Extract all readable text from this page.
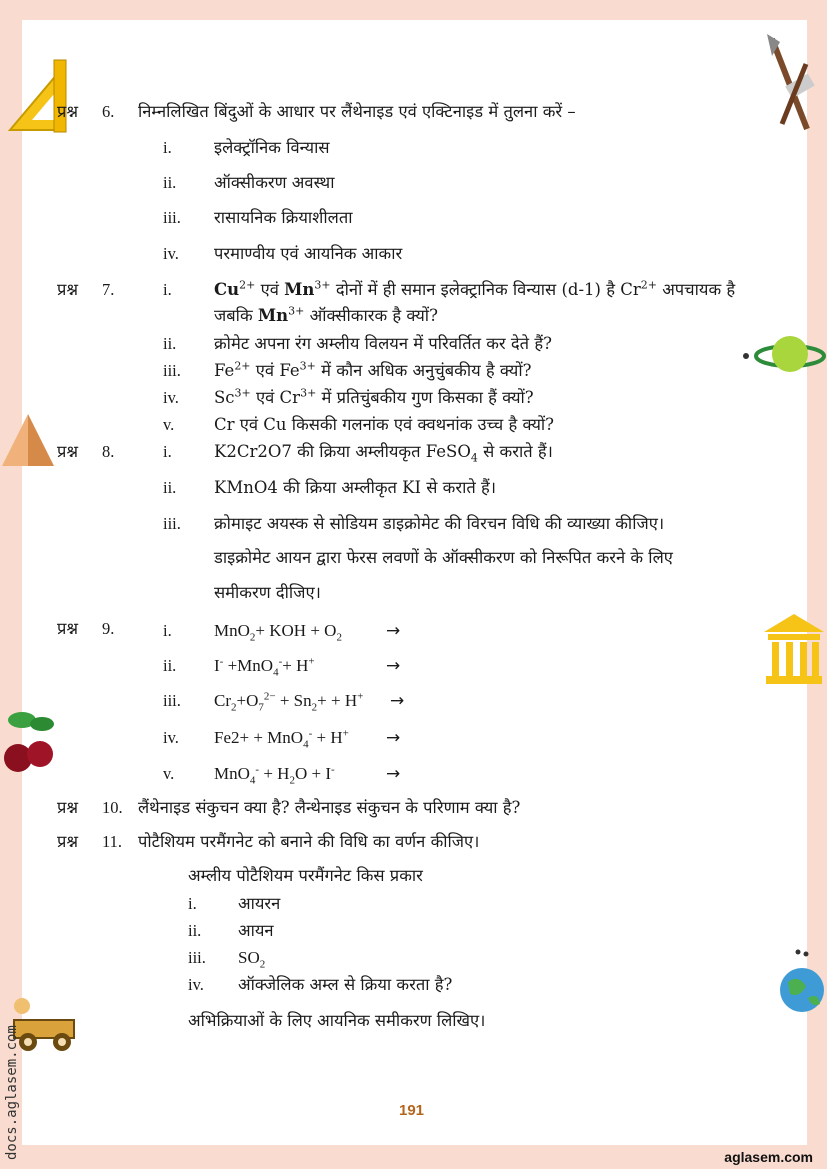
प्रश्न 6. निम्नलिखित बिंदुओं के आधार पर लैंथेनाइड एवं एक्टिनाइड में तुलना करें –
i.	इलेक्ट्रॉनिक विन्यास
ii. ऑक्सीकरण अवस्था
iii. रासायनिक क्रियाशीलता
iv. परमाण्वीय एवं आयनिक आकार
प्रश्न 7.	i.	$Cu^{2+}$ एवं $Mn^{3+}$ दोनों में ही समान इलेक्ट्रानिक विन्यास (d-1) है $Cr^{2+}$ अपचायक है
जबकि $Mn^{3+}$ ऑक्सीकारक है क्यों?
ii. क्रोमेट अपना रंग अम्लीय विलयन में परिवर्तित कर देते हैं?
iii. $Fe^{2+}$ एवं $Fe^{3+}$ में कौन अधिक अनुचुंबकीय है क्यों?
iv. $Sc^{3+}$ एवं $Cr^{3+}$ में प्रतिचुंबकीय गुण किसका हैं क्यों?
v. Cr एवं Cu किसकी गलनांक एवं क्वथनांक उच्च है क्यों?
प्रश्न 8.	i.	K2Cr2O7 की क्रिया अम्लीयकृत FeSO$_4$ से कराते हैं।
ii. KMnO4 की क्रिया अम्लीकृत KI से कराते हैं।
iii. क्रोमाइट अयस्क से सोडियम डाइक्रोमेट की विरचन विधि की व्याख्या कीजिए।
डाइक्रोमेट आयन द्वारा फेरस लवणों के ऑक्सीकरण को निरूपित करने के लिए
समीकरण दीजिए।
प्रश्न 9.	i. MnO$_2$+ KOH + $O_2$	→
ii. I- +MnO$_4$-+ H+	→
iii. $Cr_2+O_7^{2-} + Sn_2+ + H^+$ →
iv. Fe2+ + MnO$_4$- + H+ →
v. $MnO_4^- + H_2O + I^-$	→
प्रश्न 10. लैंथेनाइड संकुचन क्या है? लैन्थेनाइड संकुचन के परिणाम क्या है?
प्रश्न 11. पोटैशियम परमैंगनेट को बनाने की विधि का वर्णन कीजिए।
अम्लीय पोटैशियम परमैंगनेट किस प्रकार
i.	आयरन
ii. आयन
iii. $SO_2$
iv. ऑक्जेलिक अम्ल से क्रिया करता है?
अभिक्रियाओं के लिए आयनिक समीकरण लिखिए।
191
aglasem.com
docs.aglasem.com
